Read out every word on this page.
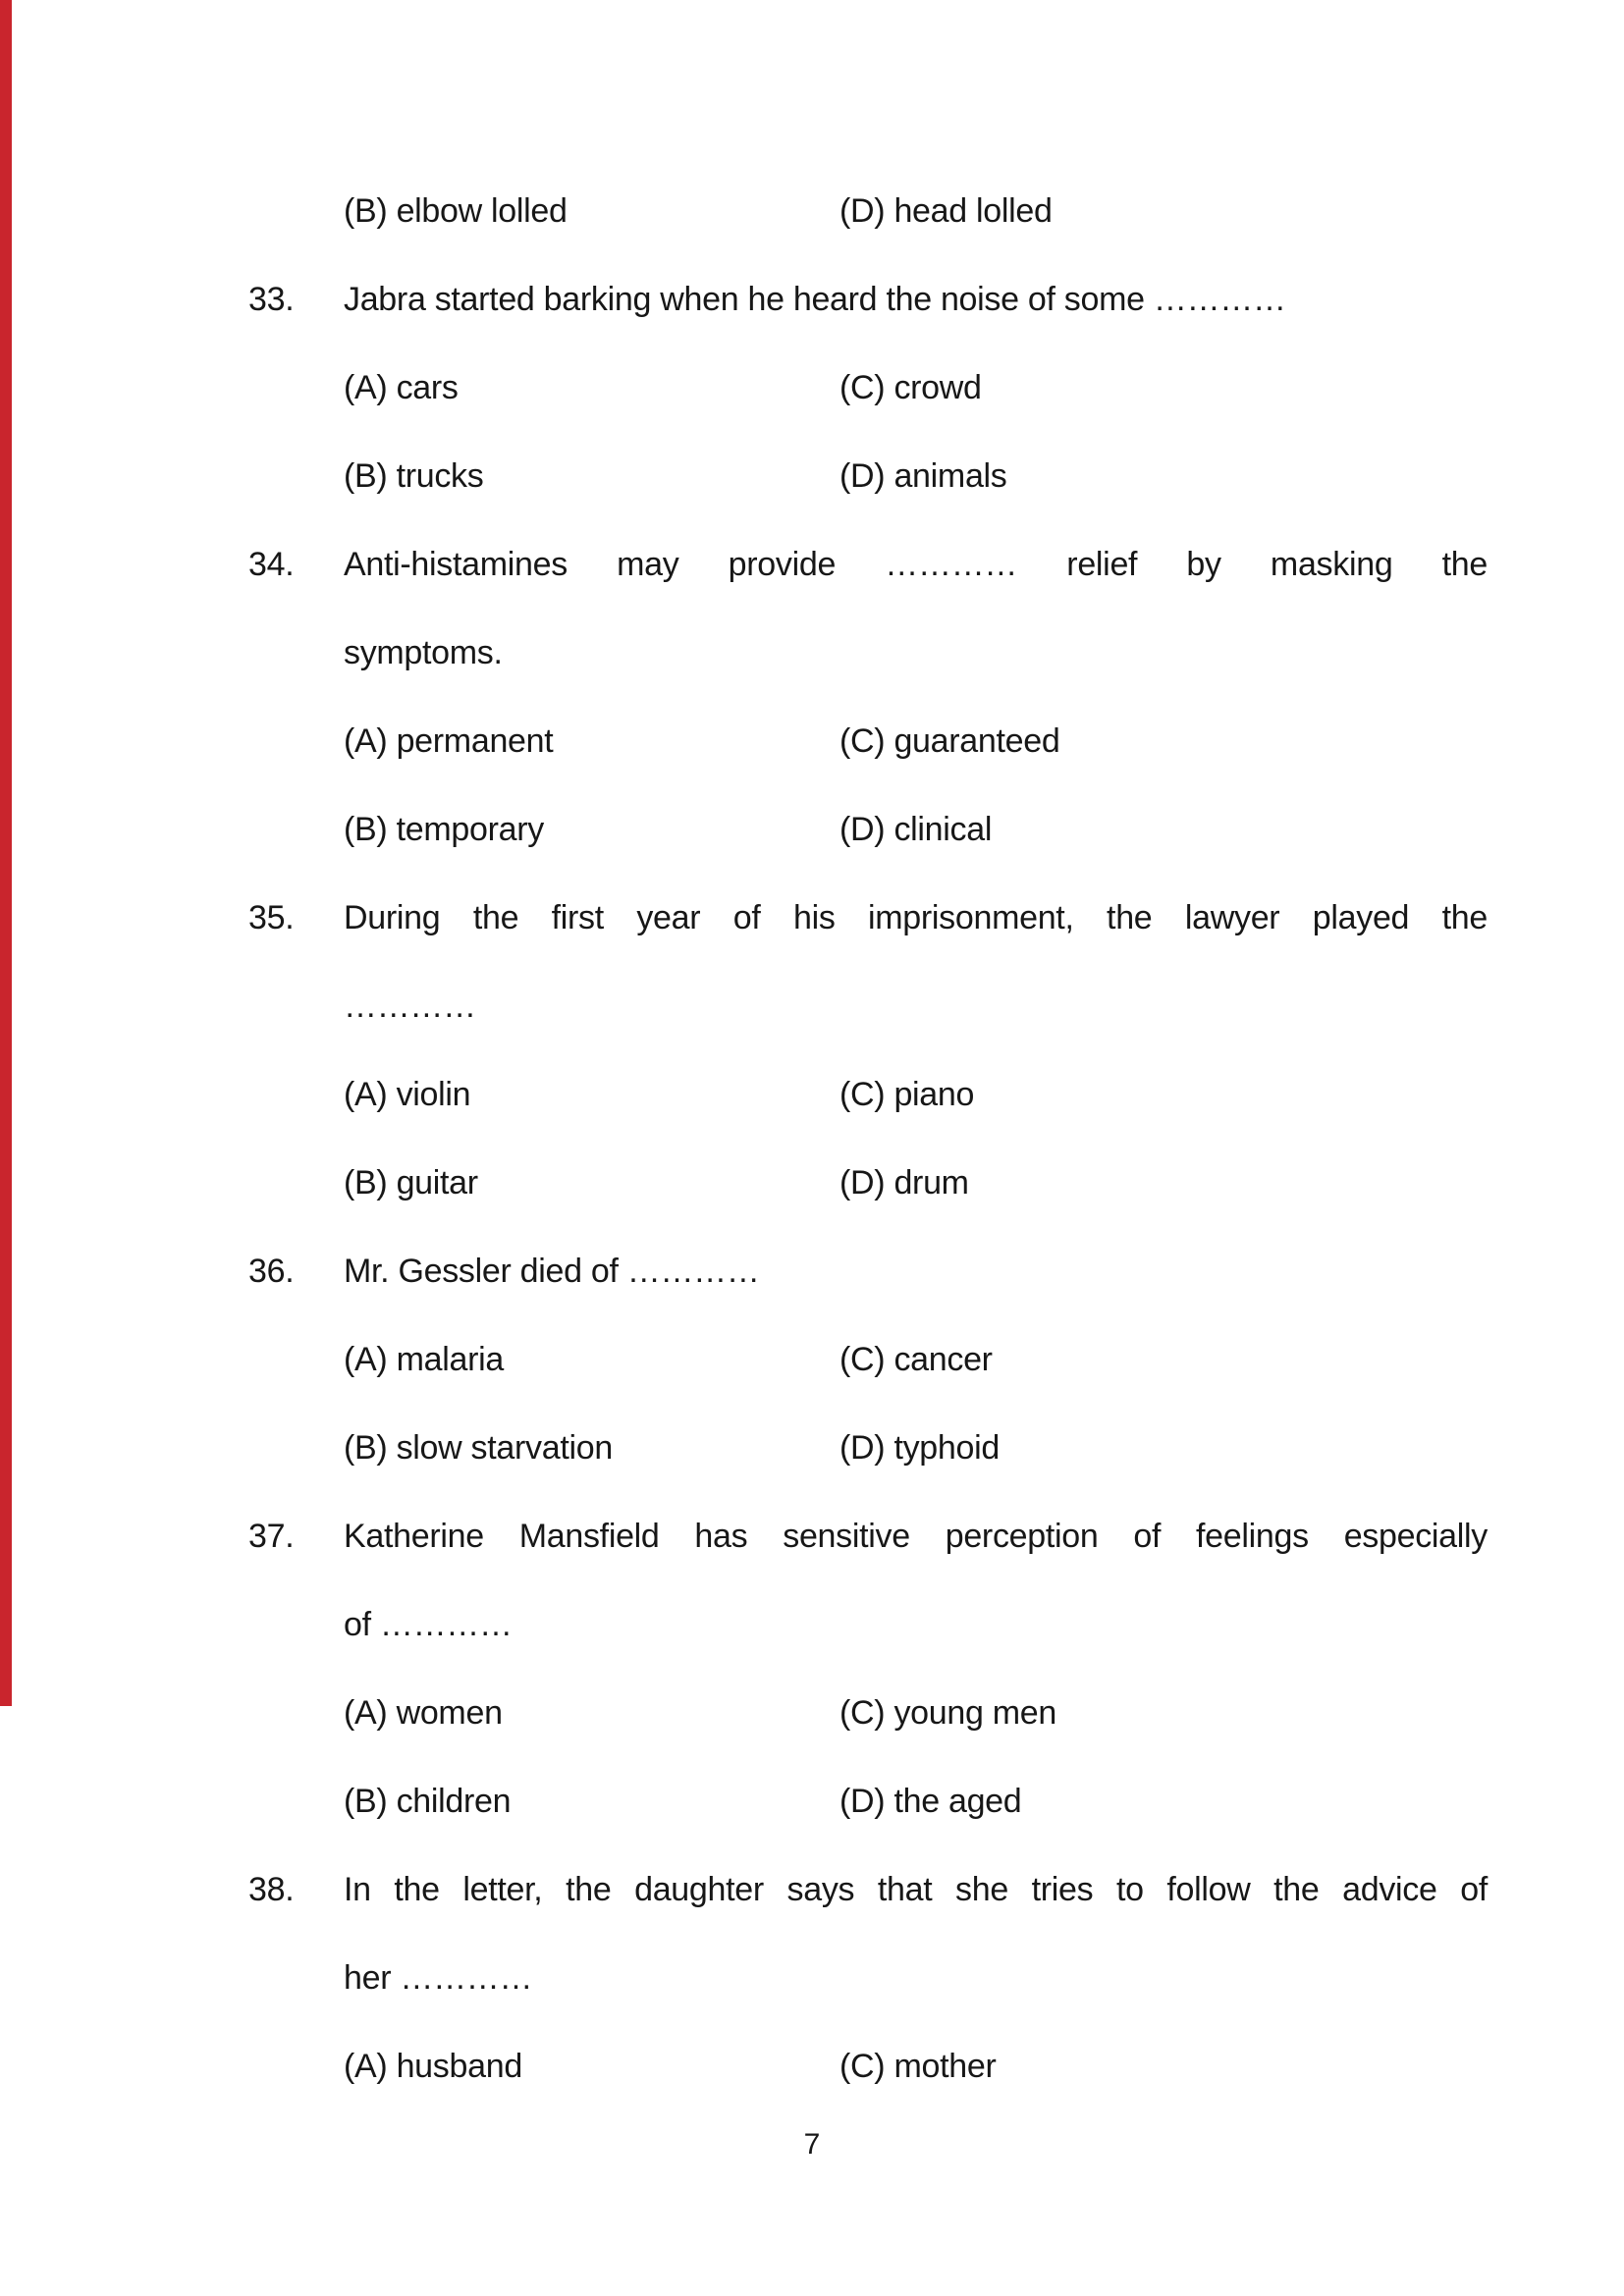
(B) elbow lolled	(D) head lolled
33.	Jabra started barking when he heard the noise of some …………
(A) cars	(C) crowd
(B) trucks	(D) animals
34.	Anti-histamines may provide ………… relief by masking the
symptoms.
(A) permanent	(C) guaranteed
(B) temporary	(D) clinical
35.	During the first year of his imprisonment, the lawyer played the
…………
(A) violin	(C) piano
(B) guitar	(D) drum
36.	Mr. Gessler died of …………
(A) malaria	(C) cancer
(B) slow starvation	(D) typhoid
37.	Katherine Mansfield has sensitive perception of feelings especially
of …………
(A) women	(C) young men
(B) children	(D) the aged
38.	In the letter, the daughter says that she tries to follow the advice of
her …………
(A) husband	(C) mother
7
